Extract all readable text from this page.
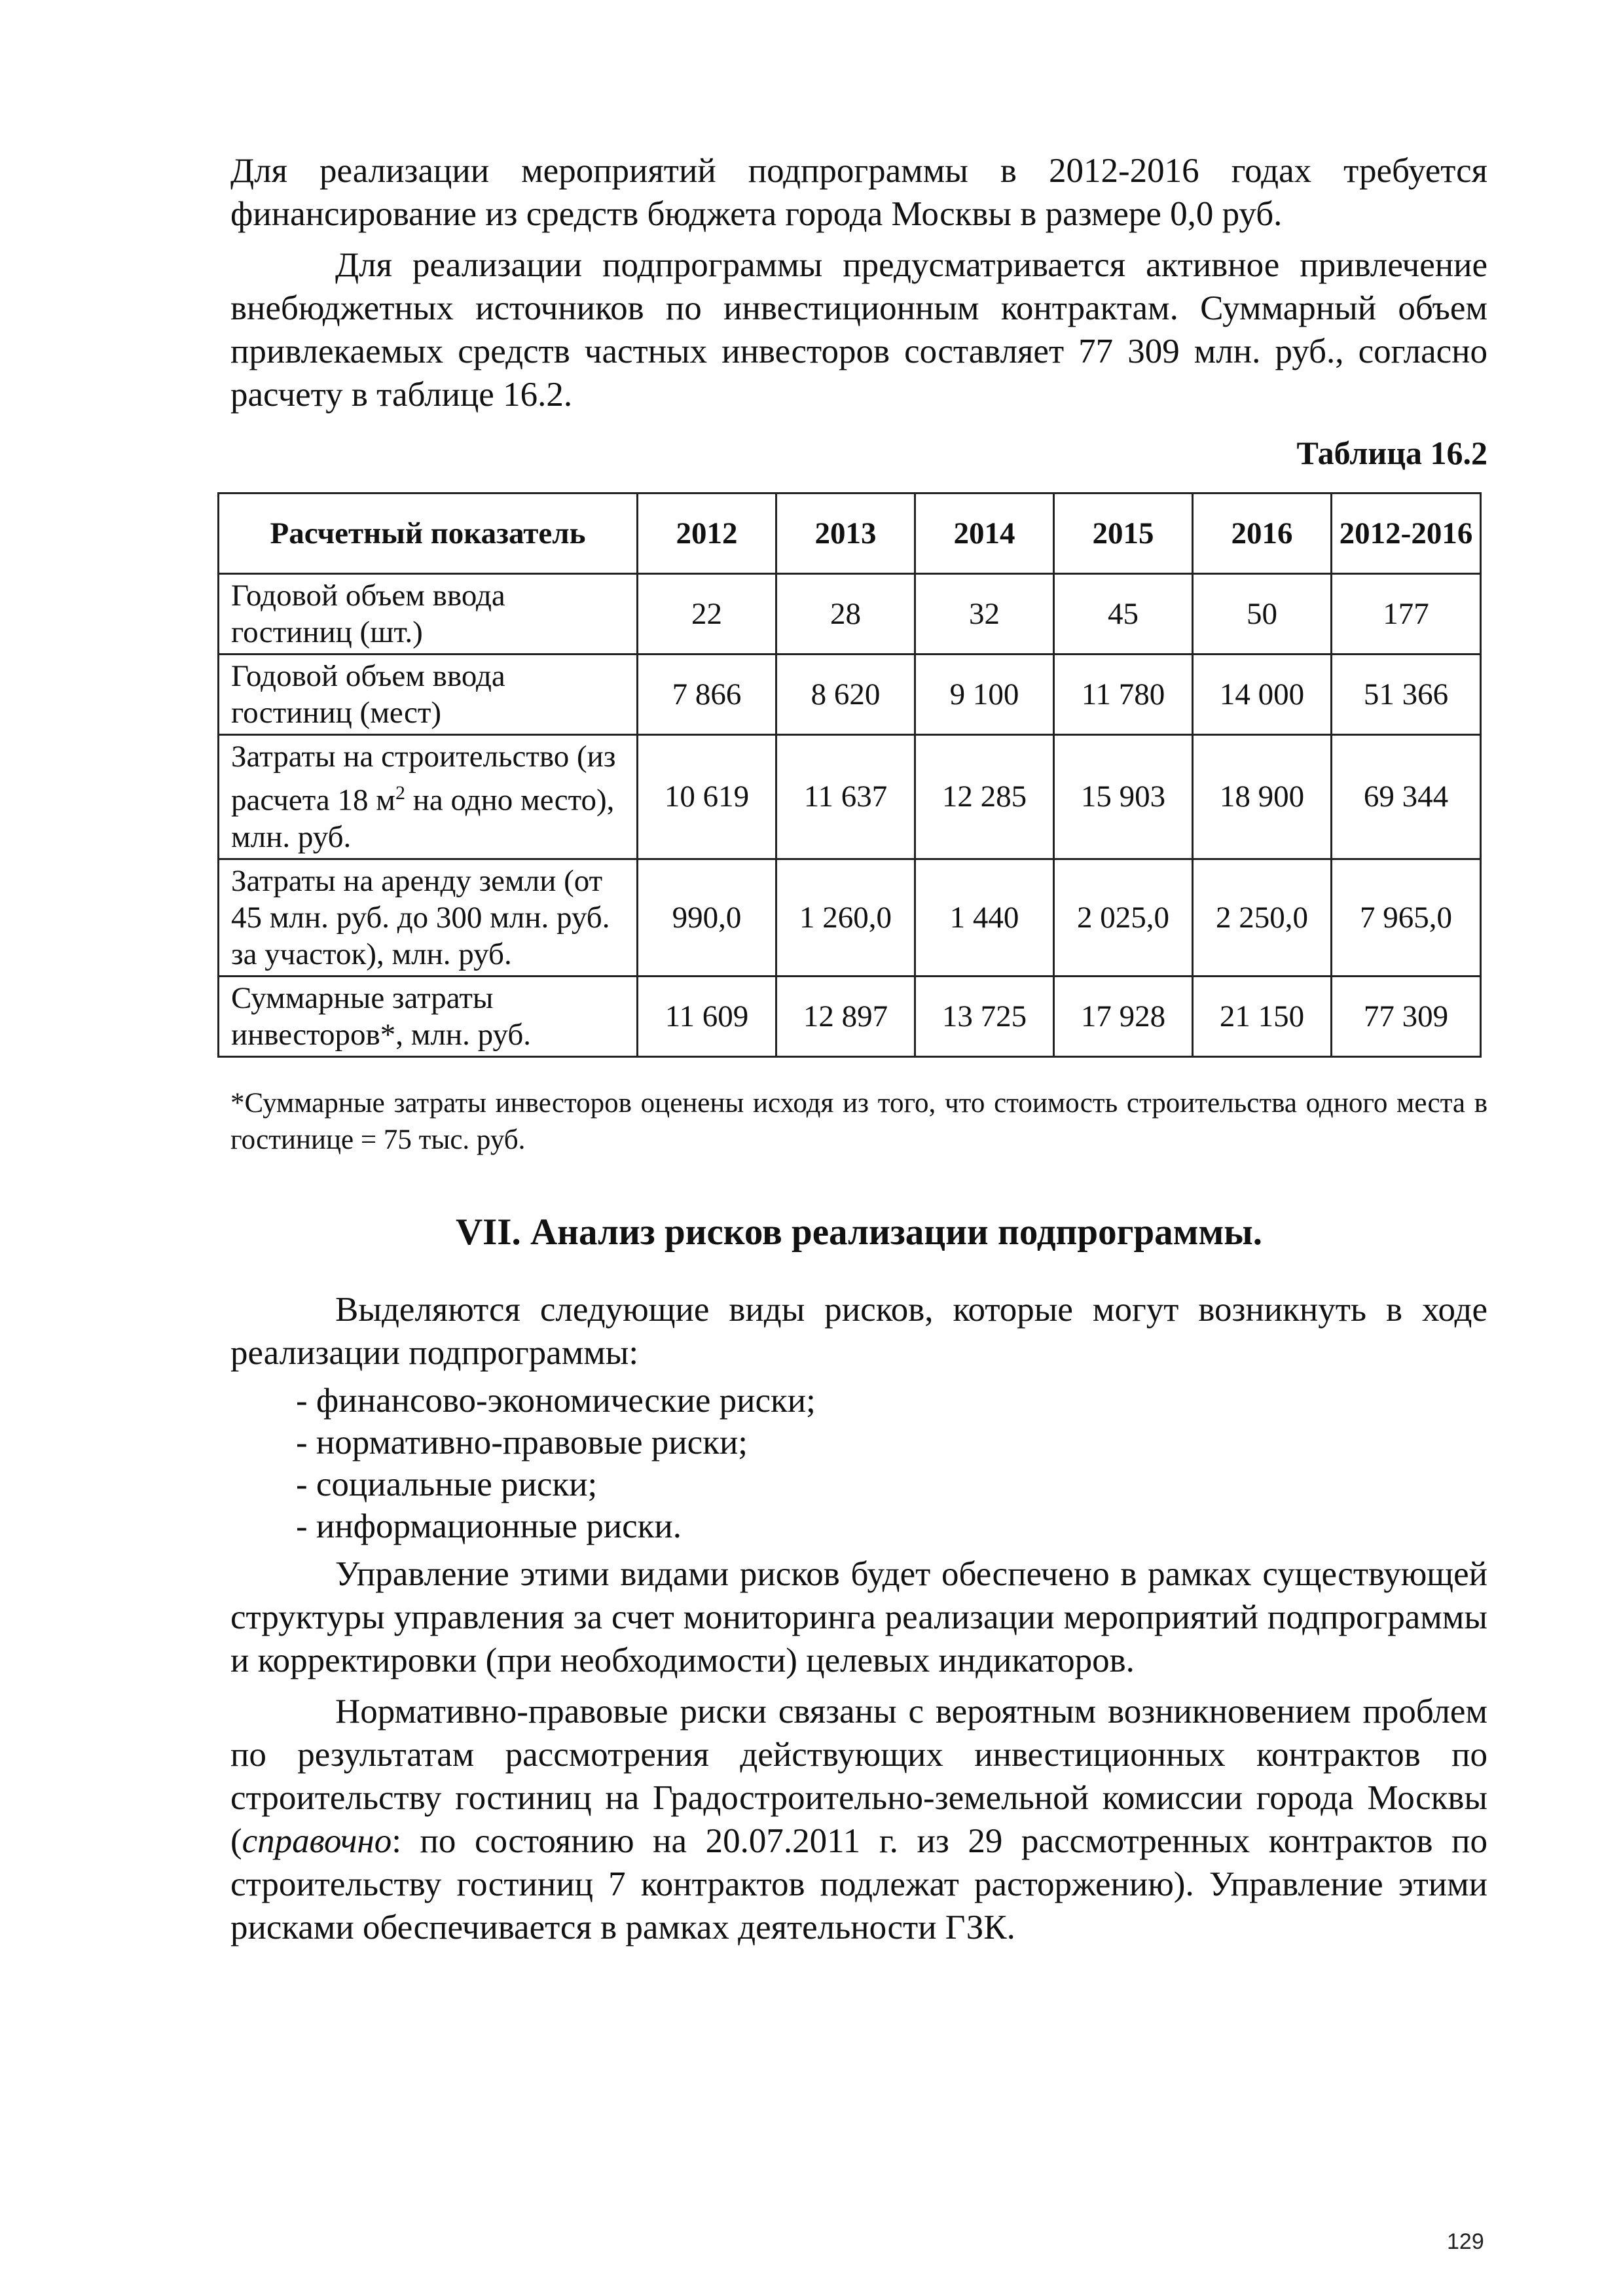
Для реализации мероприятий подпрограммы в 2012-2016 годах требуется финансирование из средств бюджета города Москвы в размере 0,0 руб.

Для реализации подпрограммы предусматривается активное привлечение внебюджетных источников по инвестиционным контрактам. Суммарный объем привлекаемых средств частных инвесторов составляет 77 309 млн. руб., согласно расчету в таблице 16.2.

Таблица 16.2
Расчетный показатель	2012	2013	2014	2015	2016	2012-2016
Годовой объем ввода гостиниц (шт.)	22	28	32	45	50	177
Годовой объем ввода гостиниц (мест)	7 866	8 620	9 100	11 780	14 000	51 366
Затраты на строительство (из расчета 18 $м^2$ на одно место), млн. руб.	10 619	11 637	12 285	15 903	18 900	69 344
Затраты на аренду земли (от 45 млн. руб. до 300 млн. руб. за участок), млн. руб.	990,0	1 260,0	1 440	2 025,0	2 250,0	7 965,0
Суммарные затраты инвесторов*, млн. руб.	11 609	12 897	13 725	17 928	21 150	77 309
*Суммарные затраты инвесторов оценены исходя из того, что стоимость строительства одного места в гостинице = 75 тыс. руб.
VII. Анализ рисков реализации подпрограммы.

Выделяются следующие виды рисков, которые могут возникнуть в ходе реализации подпрограммы:

- финансово-экономические риски;
- нормативно-правовые риски;
- социальные риски;
- информационные риски.

Управление этими видами рисков будет обеспечено в рамках существующей структуры управления за счет мониторинга реализации мероприятий подпрограммы и корректировки (при необходимости) целевых индикаторов.

Нормативно-правовые риски связаны с вероятным возникновением проблем по результатам рассмотрения действующих инвестиционных контрактов по строительству гостиниц на Градостроительно-земельной комиссии города Москвы (справочно: по состоянию на 20.07.2011 г. из 29 рассмотренных контрактов по строительству гостиниц 7 контрактов подлежат расторжению). Управление этими рисками обеспечивается в рамках деятельности ГЗК.

129
